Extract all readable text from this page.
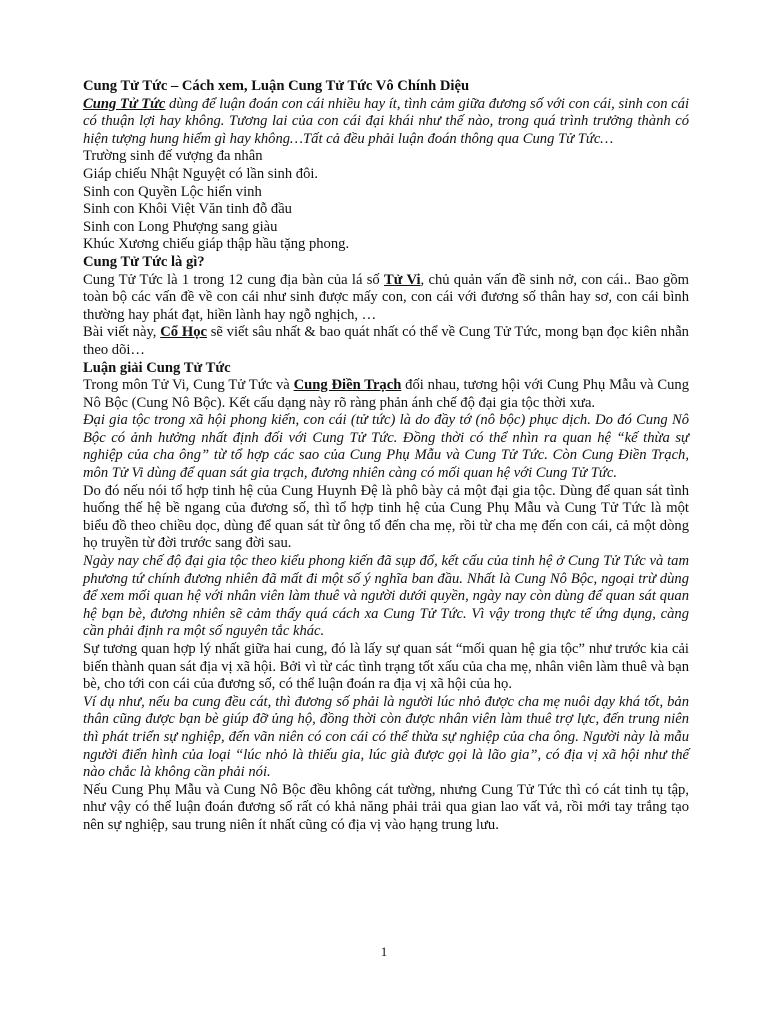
Cung Tử Tức – Cách xem, Luận Cung Tử Tức Vô Chính Diệu

Cung Tử Tức dùng để luận đoán con cái nhiều hay ít, tình cảm giữa đương số với con cái, sinh con cái có thuận lợi hay không. Tương lai của con cái đại khái như thế nào, trong quá trình trưởng thành có hiện tượng hung hiểm gì hay không…Tất cả đều phải luận đoán thông qua Cung Tử Tức…

Trường sinh đế vượng đa nhân

Giáp chiếu Nhật Nguyệt có lần sinh đôi.

Sinh con Quyền Lộc hiển vinh

Sinh con Khôi Việt Văn tinh đỗ đầu

Sinh con Long Phượng sang giàu

Khúc Xương chiếu giáp thập hầu tặng phong.

Cung Tử Tức là gì?

Cung Tử Tức là 1 trong 12 cung địa bàn của lá số Tử Vi, chủ quản vấn đề sinh nở, con cái.. Bao gồm toàn bộ các vấn đề về con cái như sinh được mấy con, con cái với đương số thân hay sơ, con cái bình thường hay phát đạt, hiền lành hay ngỗ nghịch, …

Bài viết này, Cổ Học sẽ viết sâu nhất & bao quát nhất có thể về Cung Tử Tức, mong bạn đọc kiên nhẫn theo dõi…

Luận giải Cung Tử Tức

Trong môn Tử Vi, Cung Tử Tức và Cung Điền Trạch đối nhau, tương hội với Cung Phụ Mẫu và Cung Nô Bộc (Cung Nô Bộc). Kết cấu dạng này rõ ràng phản ánh chế độ đại gia tộc thời xưa.

Đại gia tộc trong xã hội phong kiến, con cái (tử tức) là do đầy tớ (nô bộc) phục dịch. Do đó Cung Nô Bộc có ảnh hưởng nhất định đối với Cung Tử Tức. Đồng thời có thể nhìn ra quan hệ “kế thừa sự nghiệp của cha ông” từ tổ hợp các sao của Cung Phụ Mẫu và Cung Tử Tức. Còn Cung Điền Trạch, môn Tử Vi dùng để quan sát gia trạch, đương nhiên càng có mối quan hệ với Cung Tử Tức.

Do đó nếu nói tổ hợp tinh hệ của Cung Huynh Đệ là phô bày cả một đại gia tộc. Dùng để quan sát tình huống thế hệ bề ngang của đương số, thì tổ hợp tinh hệ của Cung Phụ Mẫu và Cung Tử Tức là một biểu đồ theo chiều dọc, dùng để quan sát từ ông tổ đến cha mẹ, rồi từ cha mẹ đến con cái, cả một dòng họ truyền từ đời trước sang đời sau.

Ngày nay chế độ đại gia tộc theo kiểu phong kiến đã sụp đổ, kết cấu của tinh hệ ở Cung Tử Tức và tam phương tứ chính đương nhiên đã mất đi một số ý nghĩa ban đầu. Nhất là Cung Nô Bộc, ngoại trừ dùng để xem mối quan hệ với nhân viên làm thuê và người dưới quyền, ngày nay còn dùng để quan sát quan hệ bạn bè, đương nhiên sẽ cảm thấy quá cách xa Cung Tử Tức. Vì vậy trong thực tế ứng dụng, càng cần phải định ra một số nguyên tắc khác.

Sự tương quan hợp lý nhất giữa hai cung, đó là lấy sự quan sát “mối quan hệ gia tộc” như trước kia cải biến thành quan sát địa vị xã hội. Bởi vì từ các tình trạng tốt xấu của cha mẹ, nhân viên làm thuê và bạn bè, cho tới con cái của đương số, có thể luận đoán ra địa vị xã hội của họ.

Ví dụ như, nếu ba cung đều cát, thì đương số phải là người lúc nhỏ được cha mẹ nuôi dạy khá tốt, bản thân cũng được bạn bè giúp đỡ ủng hộ, đồng thời còn được nhân viên làm thuê trợ lực, đến trung niên thì phát triển sự nghiệp, đến vãn niên có con cái có thể thừa sự nghiệp của cha ông. Người này là mẫu người điển hình của loại “lúc nhỏ là thiếu gia, lúc già được gọi là lão gia”, có địa vị xã hội như thế nào chắc là không cần phải nói.

Nếu Cung Phụ Mẫu và Cung Nô Bộc đều không cát tường, nhưng Cung Tử Tức thì có cát tinh tụ tập, như vậy có thể luận đoán đương số rất có khả năng phải trải qua gian lao vất vả, rồi mới tay trắng tạo nên sự nghiệp, sau trung niên ít nhất cũng có địa vị vào hạng trung lưu.

1
